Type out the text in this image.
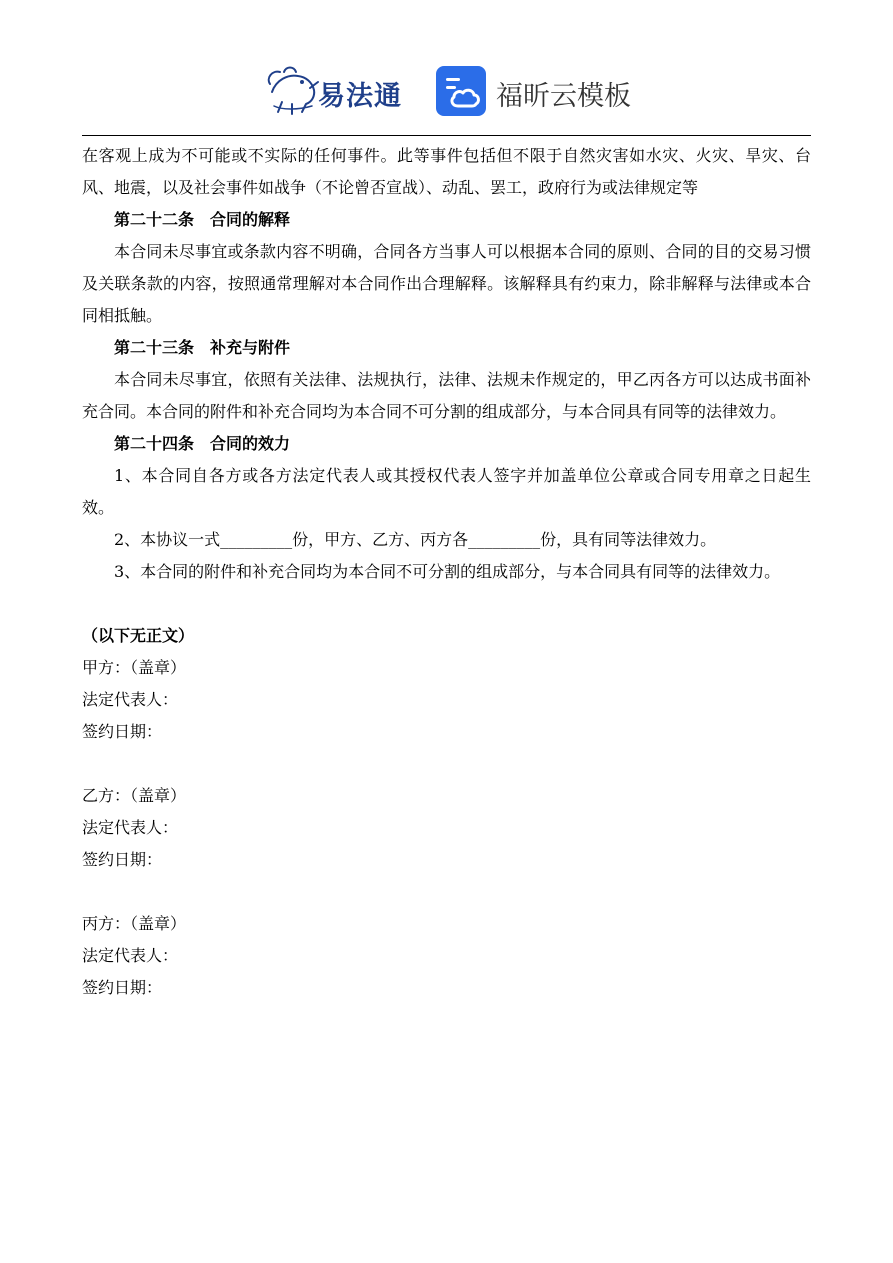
易法通	福昕云模板

在客观上成为不可能或不实际的任何事件。此等事件包括但不限于自然灾害如水灾、火灾、旱灾、台风、地震，以及社会事件如战争（不论曾否宣战）、动乱、罢工，政府行为或法律规定等

第二十二条　合同的解释

本合同未尽事宜或条款内容不明确，合同各方当事人可以根据本合同的原则、合同的目的交易习惯及关联条款的内容，按照通常理解对本合同作出合理解释。该解释具有约束力，除非解释与法律或本合同相抵触。

第二十三条　补充与附件

本合同未尽事宜，依照有关法律、法规执行，法律、法规未作规定的，甲乙丙各方可以达成书面补充合同。本合同的附件和补充合同均为本合同不可分割的组成部分，与本合同具有同等的法律效力。

第二十四条　合同的效力

1、本合同自各方或各方法定代表人或其授权代表人签字并加盖单位公章或合同专用章之日起生效。

2、本协议一式_________份，甲方、乙方、丙方各_________份，具有同等法律效力。

3、本合同的附件和补充合同均为本合同不可分割的组成部分，与本合同具有同等的法律效力。

（以下无正文）

甲方：（盖章）

法定代表人：

签约日期：

乙方：（盖章）

法定代表人：

签约日期：

丙方：（盖章）

法定代表人：

签约日期：
